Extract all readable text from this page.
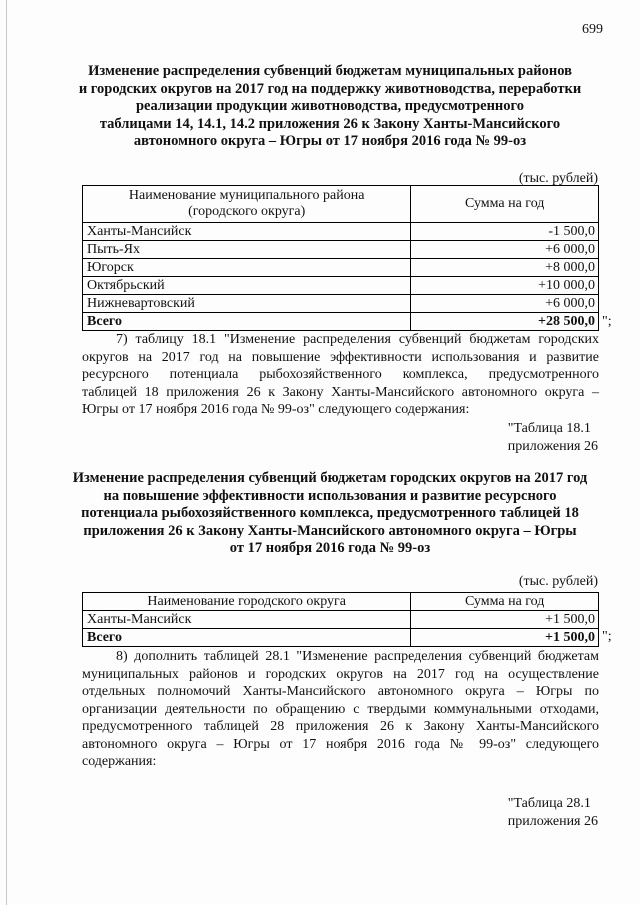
699
Изменение распределения субвенций бюджетам муниципальных районов
и городских округов на 2017 год на поддержку животноводства, переработки
реализации продукции животноводства, предусмотренного
таблицами 14, 14.1, 14.2 приложения 26 к Закону Ханты-Мансийского
автономного округа – Югры от 17 ноября 2016 года № 99-оз
(тыс. рублей)
Наименование муниципального района
(городского округа)	Сумма на год
Ханты-Мансийск	-1 500,0
Пыть-Ях	+6 000,0
Югорск	+8 000,0
Октябрьский	+10 000,0
Нижневартовский	+6 000,0
Всего	+28 500,0 ";
7) таблицу 18.1 "Изменение распределения субвенций бюджетам городских
округов на 2017 год на повышение эффективности использования и развитие
ресурсного потенциала рыбохозяйственного комплекса, предусмотренного
таблицей 18 приложения 26 к Закону Ханты-Мансийского автономного округа –
Югры от 17 ноября 2016 года № 99-оз" следующего содержания:
"Таблица 18.1
приложения 26
Изменение распределения субвенций бюджетам городских округов на 2017 год
на повышение эффективности использования и развитие ресурсного
потенциала рыбохозяйственного комплекса, предусмотренного таблицей 18
приложения 26 к Закону Ханты-Мансийского автономного округа – Югры
от 17 ноября 2016 года № 99-оз
(тыс. рублей)
Наименование городского округа	Сумма на год
Ханты-Мансийск	+1 500,0
Всего	+1 500,0 ";
8) дополнить таблицей 28.1 "Изменение распределения субвенций бюджетам
муниципальных районов и городских округов на 2017 год на осуществление
отдельных полномочий Ханты-Мансийского автономного округа – Югры по
организации деятельности по обращению с твердыми коммунальными отходами,
предусмотренного таблицей 28 приложения 26 к Закону Ханты-Мансийского
автономного округа – Югры от 17 ноября 2016 года № 99-оз" следующего
содержания:
"Таблица 28.1
приложения 26
